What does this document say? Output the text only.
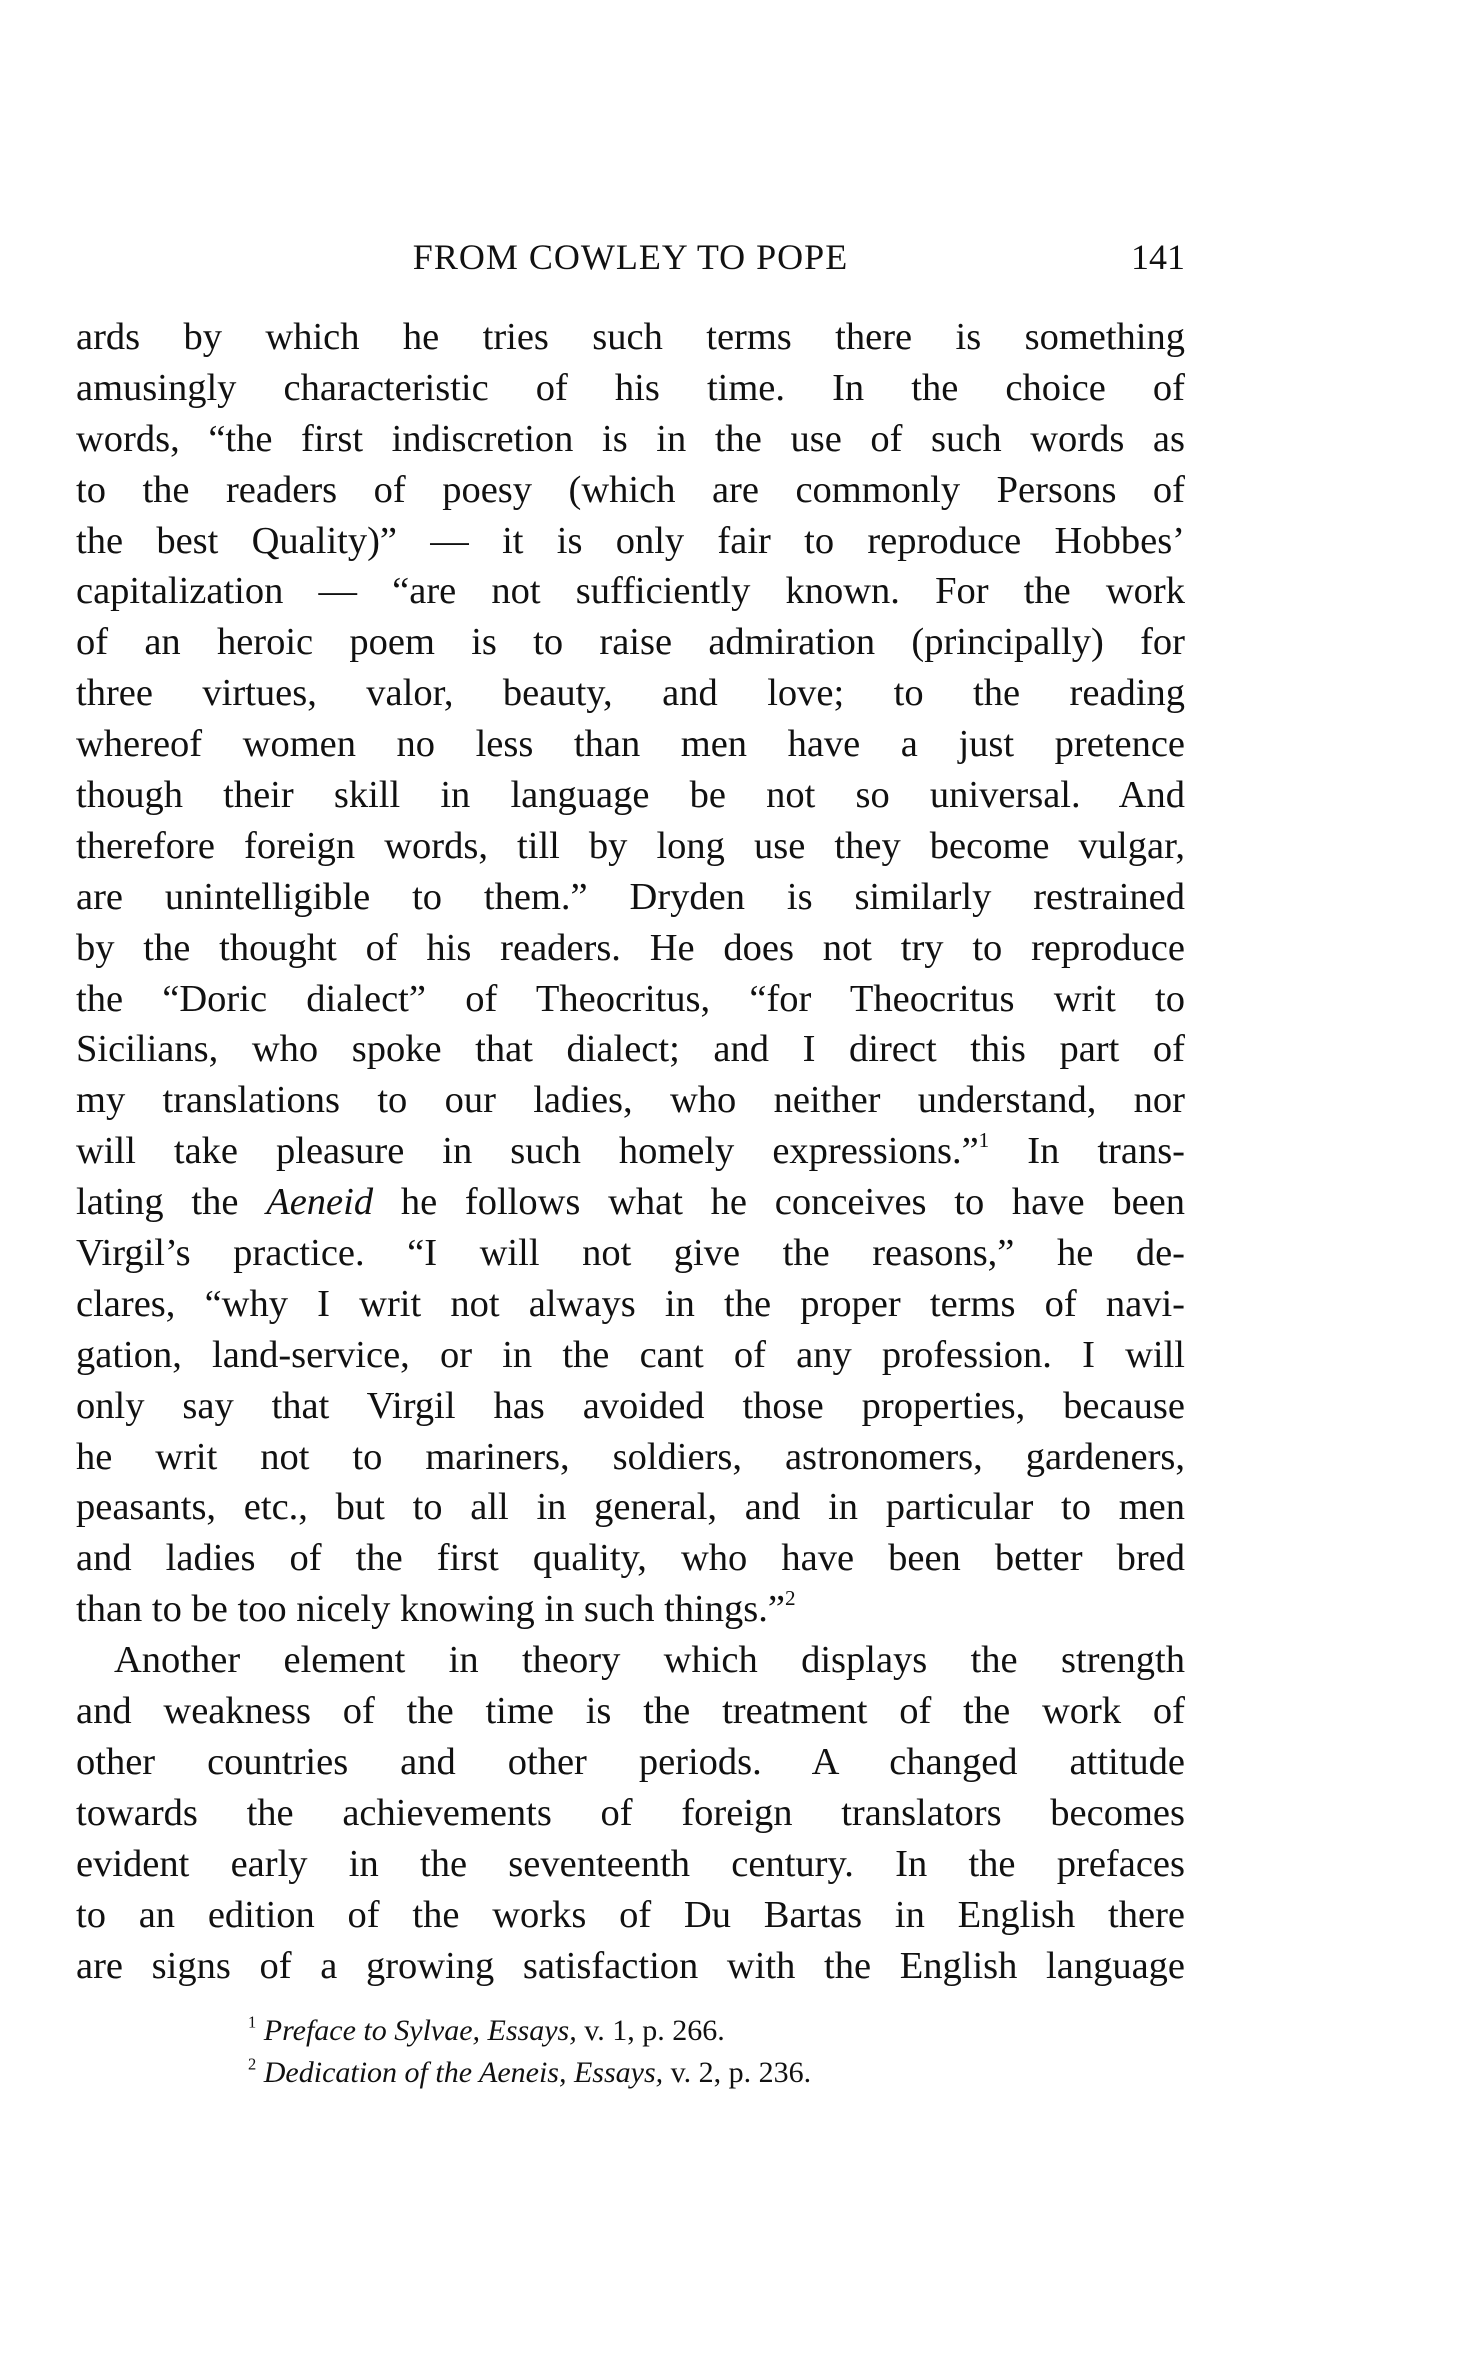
FROM COWLEY TO POPE	141
ards by which he tries such terms there is something
amusingly characteristic of his time. In the choice of
words, “the first indiscretion is in the use of such words as
to the readers of poesy (which are commonly Persons of
the best Quality)” — it is only fair to reproduce Hobbes’
capitalization — “are not sufficiently known. For the work
of an heroic poem is to raise admiration (principally) for
three virtues, valor, beauty, and love; to the reading
whereof women no less than men have a just pretence
though their skill in language be not so universal. And
therefore foreign words, till by long use they become vulgar,
are unintelligible to them.” Dryden is similarly restrained
by the thought of his readers. He does not try to reproduce
the “Doric dialect” of Theocritus, “for Theocritus writ to
Sicilians, who spoke that dialect; and I direct this part of
my translations to our ladies, who neither understand, nor
will take pleasure in such homely expressions.”$^1$ In trans-
lating the Aeneid he follows what he conceives to have been
Virgil’s practice. “I will not give the reasons,” he de-
clares, “why I writ not always in the proper terms of navi-
gation, land-service, or in the cant of any profession. I will
only say that Virgil has avoided those properties, because
he writ not to mariners, soldiers, astronomers, gardeners,
peasants, etc., but to all in general, and in particular to men
and ladies of the first quality, who have been better bred
than to be too nicely knowing in such things.”$^2$
Another element in theory which displays the strength
and weakness of the time is the treatment of the work of
other countries and other periods. A changed attitude
towards the achievements of foreign translators becomes
evident early in the seventeenth century. In the prefaces
to an edition of the works of Du Bartas in English there
are signs of a growing satisfaction with the English language
$^1$ Preface to Sylvae, Essays, v. 1, p. 266.
$^2$ Dedication of the Aeneis, Essays, v. 2, p. 236.
